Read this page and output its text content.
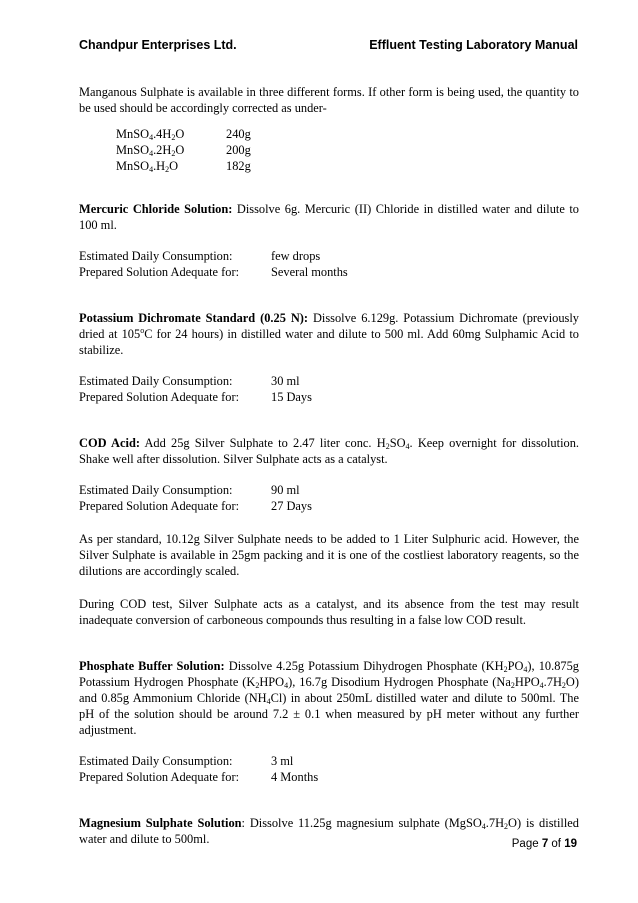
Chandpur Enterprises Ltd.	Effluent Testing Laboratory Manual

Manganous Sulphate is available in three different forms. If other form is being used, the quantity to be used should be accordingly corrected as under-

$MnSO_4.4H_2O$	240g
$MnSO_4.2H_2O$	200g
$MnSO_4.H_2O$	182g

Mercuric Chloride Solution: Dissolve 6g. Mercuric (II) Chloride in distilled water and dilute to 100 ml.

Estimated Daily Consumption:	few drops
Prepared Solution Adequate for:	Several months

Potassium Dichromate Standard (0.25 N): Dissolve 6.129g. Potassium Dichromate (previously dried at 105$^o$C for 24 hours) in distilled water and dilute to 500 ml. Add 60mg Sulphamic Acid to stabilize.

Estimated Daily Consumption:	30 ml
Prepared Solution Adequate for:	15 Days

COD Acid: Add 25g Silver Sulphate to 2.47 liter conc. $H_2SO_4$. Keep overnight for dissolution. Shake well after dissolution. Silver Sulphate acts as a catalyst.

Estimated Daily Consumption:	90 ml
Prepared Solution Adequate for:	27 Days

As per standard, 10.12g Silver Sulphate needs to be added to 1 Liter Sulphuric acid. However, the Silver Sulphate is available in 25gm packing and it is one of the costliest laboratory reagents, so the dilutions are accordingly scaled.

During COD test, Silver Sulphate acts as a catalyst, and its absence from the test may result inadequate conversion of carboneous compounds thus resulting in a false low COD result.

Phosphate Buffer Solution: Dissolve 4.25g Potassium Dihydrogen Phosphate $(KH_2PO_4)$, 10.875g Potassium Hydrogen Phosphate $(K_2HPO_4)$, 16.7g Disodium Hydrogen Phosphate $(Na_2HPO_4.7H_2O)$ and 0.85g Ammonium Chloride $(NH_4Cl)$ in about 250mL distilled water and dilute to 500ml. The pH of the solution should be around 7.2 ± 0.1 when measured by pH meter without any further adjustment.

Estimated Daily Consumption:	3 ml
Prepared Solution Adequate for:	4 Months

Magnesium Sulphate Solution: Dissolve 11.25g magnesium sulphate $(MgSO_4.7H_2O)$ is distilled water and dilute to 500ml.	Page 7 of 19
